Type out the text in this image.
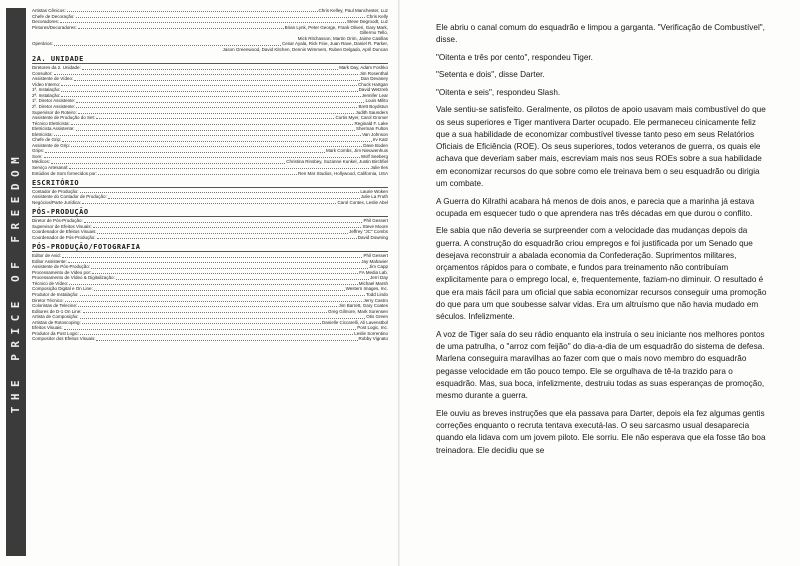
THE PRICE OF FREEDOM
Artistas Cênicos:	Chris Kelley, Paul Manchester, Luz
Chefe de Decoração:	Chris Kelly
Decoradores:	Steve Degroodt, Luz
Pintores/Decoradores:	Brian Lynk, Peter George, Frank Oliveri, Gary Mark,
Gillermo Tello,
Mick Ritchasson, Martin Orim, Jaime Casillas
Operários:	Cesar Ayala, Rick Fine, Juan Rave, Daniel R. Parker,
Jason Greenwood, David Kitchen, Dennis Wimmers, Ruben Delgado, April Duncan
2A. UNIDADE
Diretores da 2. Unidade:	Mark Day, Adam Foshko
Consultor:	Jim Rosenthal
Assistente de Vídeo:	Dan Devaney
Vídeo Interno:	Chuck Hartgan
1ª. Instalação:	David Wetzreb
2ª. Instalação:	Jennifer Lear
1º. Diretor Assistente:	Louis Milito
2º. Diretor Assistente:	Brett Boydstun
Supervisor de Roteiro:	Judith Saunders
Assistente de Produção do Set:	Curtis Myer, Carol Gromer
Técnico Eletricista:	Reginald F. Lake
Eletricista Assistente:	Sherman Fulton
Eletricista:	Van Johnson
Chefe de Grip:	Irv Katz
Assistente de Grip:	Dave Boden
Grips:	Mark Combs, Jim Nieuwenhuis
Som:	Wolf Seeberg
Médicos:	Christina Rinsbey, Suzanne Kunkel, Justin Birchfiel
Serviço Artesanal:	Julie Iles
Estúdios de Som fornecidos por:	Ren Mar Studios, Hollywood, California, USA
ESCRITÓRIO
Contador de Produção:	Laurie Woken
Assistente do Contador de Produção:	Julie La Fruth
Negócios/Parte Jurídica:	Carol Contes, Leslie Abel
PÓS-PRODUÇÃO
Diretor de Pós-Produção:	Phil Gessert
Supervisor de Efeitos Visuais:	Steve Moore
Coordenador de Efeitos Visuais:	Jeffrey "JC" Combs
Coordenador de Pós-Produção:	David Downing
PÓS-PRODUÇÃO/FOTOGRAFIA
Editor de Avid:	Phil Gessert
Editor Assistente:	Jay Mahavier
Assistente de Pós-Produção:	Jim Capp
Processamento de Video por:	FA Media Lab.
Processamento de Vídeo & Digitalização:	Jerri Day
Técnico de Vídeo:	Michael Marsh
Composição Digital e On Line:	Western Images, Inc.
Produtor de Instalação:	Todd Lindo
Diretor Técnico:	Jerry Castro
Coloristas de Telecine:	Jim Barrett, Gary Coates
Editores de D-1 On Line:	Greg Gilmore, Mark Sorensen
Artista de Composição:	Otis Green
Artistas de Rotoscoping:	Danielle Ciccarelli, Ali Lavenstbol
Efeitos Visuais:	Post Logic, Inc.
Produtor da Post Logic:	Leslie Sorrentino
Compositor dos Efeitos Visuais:	Robby Vignato

Ele abriu o canal comum do esquadrão e limpou a garganta. "Verificação de Combustível", disse.

"Oitenta e três por cento", respondeu Tiger.

"Setenta e dois", disse Darter.

"Oitenta e seis", respondeu Slash.

Vale sentiu-se satisfeito. Geralmente, os pilotos de apoio usavam mais combustível do que os seus superiores e Tiger mantivera Darter ocupado. Ele permaneceu cinicamente feliz que a sua habilidade de economizar combustível tivesse tanto peso em seus Relatórios Oficiais de Eficiência (ROE). Os seus superiores, todos veteranos de guerra, os quais ele achava que deveriam saber mais, escreviam mais nos seus ROEs sobre a sua habilidade em economizar recursos do que sobre como ele treinava bem o seu esquadrão ou dirigia um combate.

A Guerra do Kilrathi acabara há menos de dois anos, e parecia que a marinha já estava ocupada em esquecer tudo o que aprendera nas três décadas em que durou o conflito.

Ele sabia que não deveria se surpreender com a velocidade das mudanças depois da guerra. A construção do esquadrão criou empregos e foi justificada por um Senado que desejava reconstruir a abalada economia da Confederação. Suprimentos militares, orçamentos rápidos para o combate, e fundos para treinamento não contribuíam explicitamente para o emprego local, e, frequentemente, faziam-no diminuir. O resultado é que era mais fácil para um oficial que sabia economizar recursos conseguir uma promoção do que para um que soubesse salvar vidas. Era um altruísmo que não havia mudado em séculos. Infelizmente.

A voz de Tiger saía do seu rádio enquanto ela instruía o seu iniciante nos melhores pontos de uma patrulha, o "arroz com feijão" do dia-a-dia de um esquadrão do sistema de defesa. Marlena conseguira maravilhas ao fazer com que o mais novo membro do esquadrão pegasse velocidade em tão pouco tempo. Ele se orgulhava de tê-la trazido para o esquadrão. Mas, sua boca, infelizmente, destruiu todas as suas esperanças de promoção, mesmo durante a guerra.

Ele ouviu as breves instruções que ela passava para Darter, depois ela fez algumas gentis correções enquanto o recruta tentava executá-las. O seu sarcasmo usual desaparecia quando ela lidava com um jovem piloto. Ele sorriu. Ele não esperava que ela fosse tão boa treinadora. Ele decidiu que se
